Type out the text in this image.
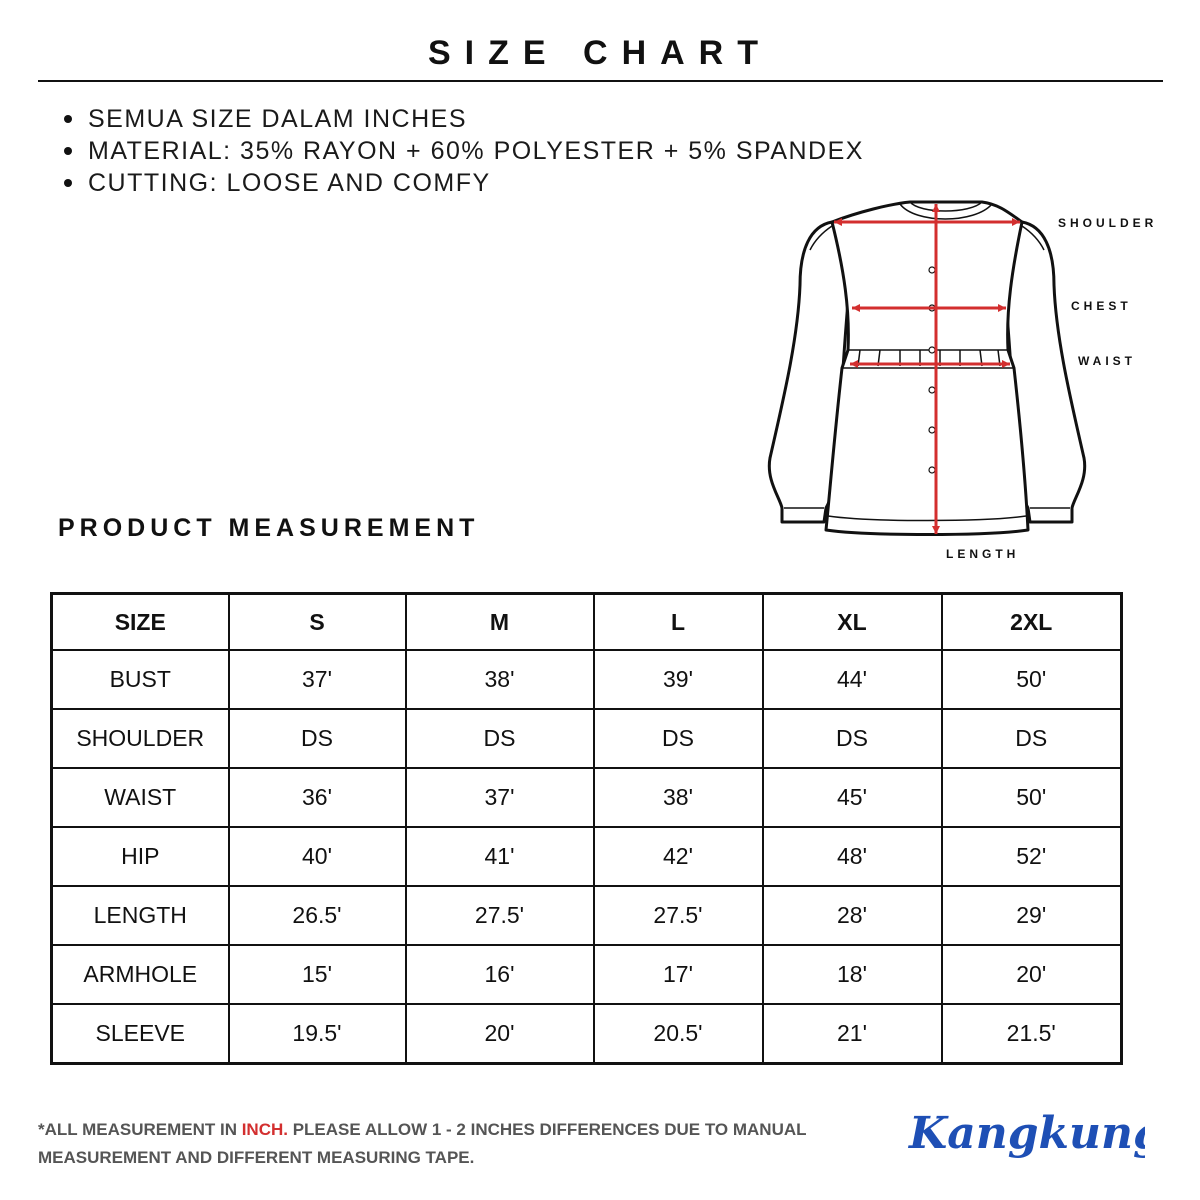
SIZE CHART
SEMUA SIZE DALAM INCHES
MATERIAL: 35% RAYON + 60% POLYESTER + 5% SPANDEX
CUTTING: LOOSE AND COMFY
SHOULDER
CHEST
WAIST
LENGTH
PRODUCT MEASUREMENT
SIZE	S	M	L	XL	2XL
BUST	37'	38'	39'	44'	50'
SHOULDER	DS	DS	DS	DS	DS
WAIST	36'	37'	38'	45'	50'
HIP	40'	41'	42'	48'	52'
LENGTH	26.5'	27.5'	27.5'	28'	29'
ARMHOLE	15'	16'	17'	18'	20'
SLEEVE	19.5'	20'	20.5'	21'	21.5'

*ALL MEASUREMENT IN INCH. PLEASE ALLOW 1 - 2 INCHES DIFFERENCES DUE TO MANUAL MEASUREMENT AND DIFFERENT MEASURING TAPE.	Kangkung
